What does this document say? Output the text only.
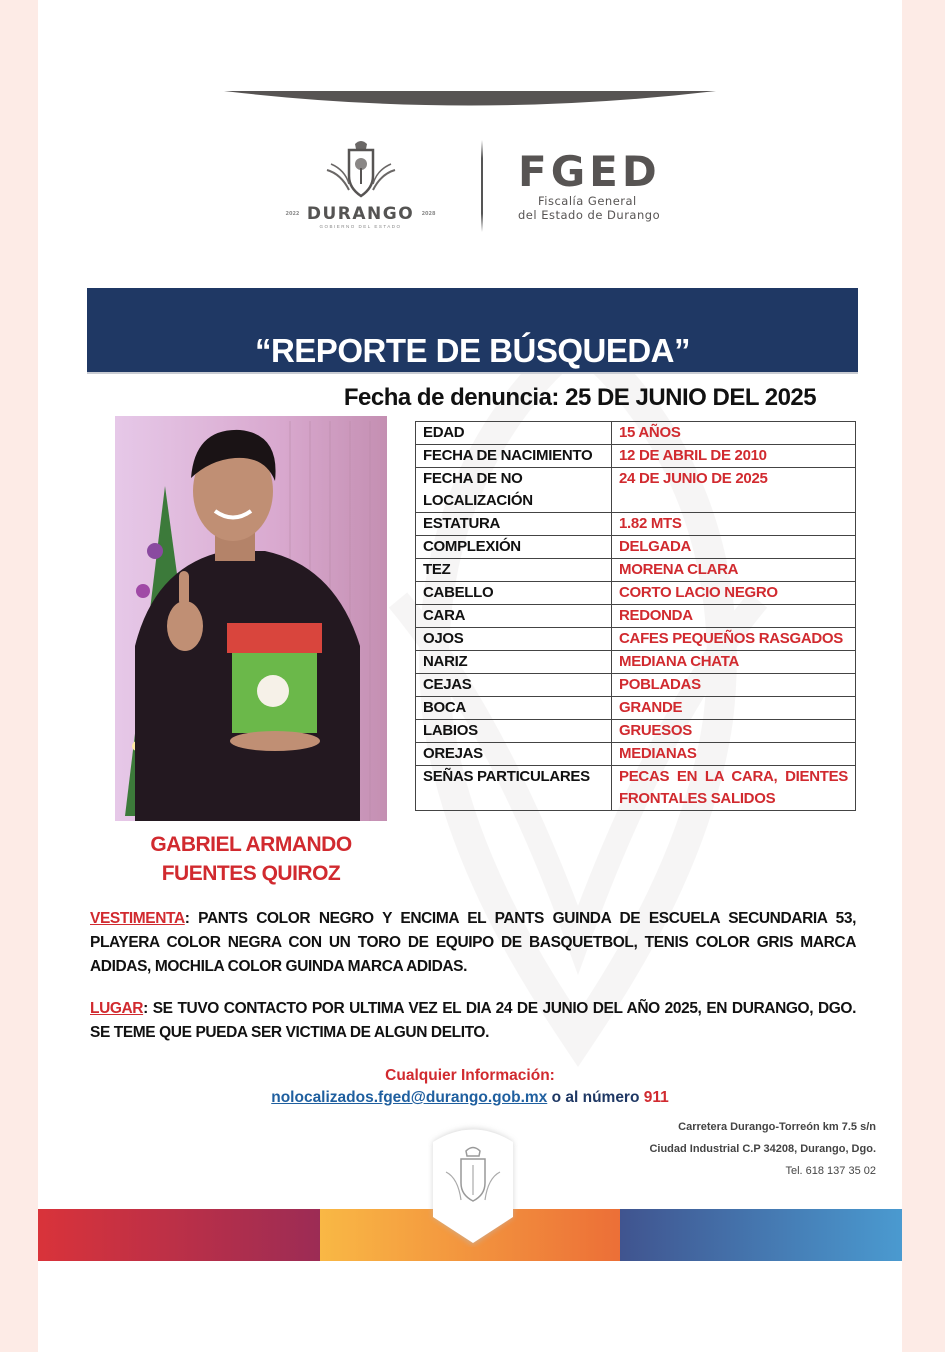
2022 DURANGO 2028
GOBIERNO DEL ESTADO
FGED
Fiscalía General
del Estado de Durango
“REPORTE DE BÚSQUEDA”
Fecha de denuncia: 25 DE JUNIO DEL 2025
GABRIEL ARMANDO
FUENTES QUIROZ
EDAD	15 AÑOS
FECHA DE NACIMIENTO	12 DE ABRIL DE 2010
FECHA DE NO LOCALIZACIÓN	24 DE JUNIO DE 2025
ESTATURA	1.82 MTS
COMPLEXIÓN	DELGADA
TEZ	MORENA CLARA
CABELLO	CORTO LACIO NEGRO
CARA	REDONDA
OJOS	CAFES PEQUEÑOS RASGADOS
NARIZ	MEDIANA CHATA
CEJAS	POBLADAS
BOCA	GRANDE
LABIOS	GRUESOS
OREJAS	MEDIANAS
SEÑAS PARTICULARES	PECAS EN LA CARA, DIENTES FRONTALES SALIDOS

VESTIMENTA: PANTS COLOR NEGRO Y ENCIMA EL PANTS GUINDA DE ESCUELA SECUNDARIA 53, PLAYERA COLOR NEGRA CON UN TORO DE EQUIPO DE BASQUETBOL, TENIS COLOR GRIS MARCA ADIDAS, MOCHILA COLOR GUINDA MARCA ADIDAS.

LUGAR: SE TUVO CONTACTO POR ULTIMA VEZ EL DIA 24 DE JUNIO DEL AÑO 2025, EN DURANGO, DGO. SE TEME QUE PUEDA SER VICTIMA DE ALGUN DELITO.

Cualquier Información:
nolocalizados.fged@durango.gob.mx o al número 911
Carretera Durango-Torreón km 7.5 s/n
Ciudad Industrial C.P 34208, Durango, Dgo.
Tel. 618 137 35 02
